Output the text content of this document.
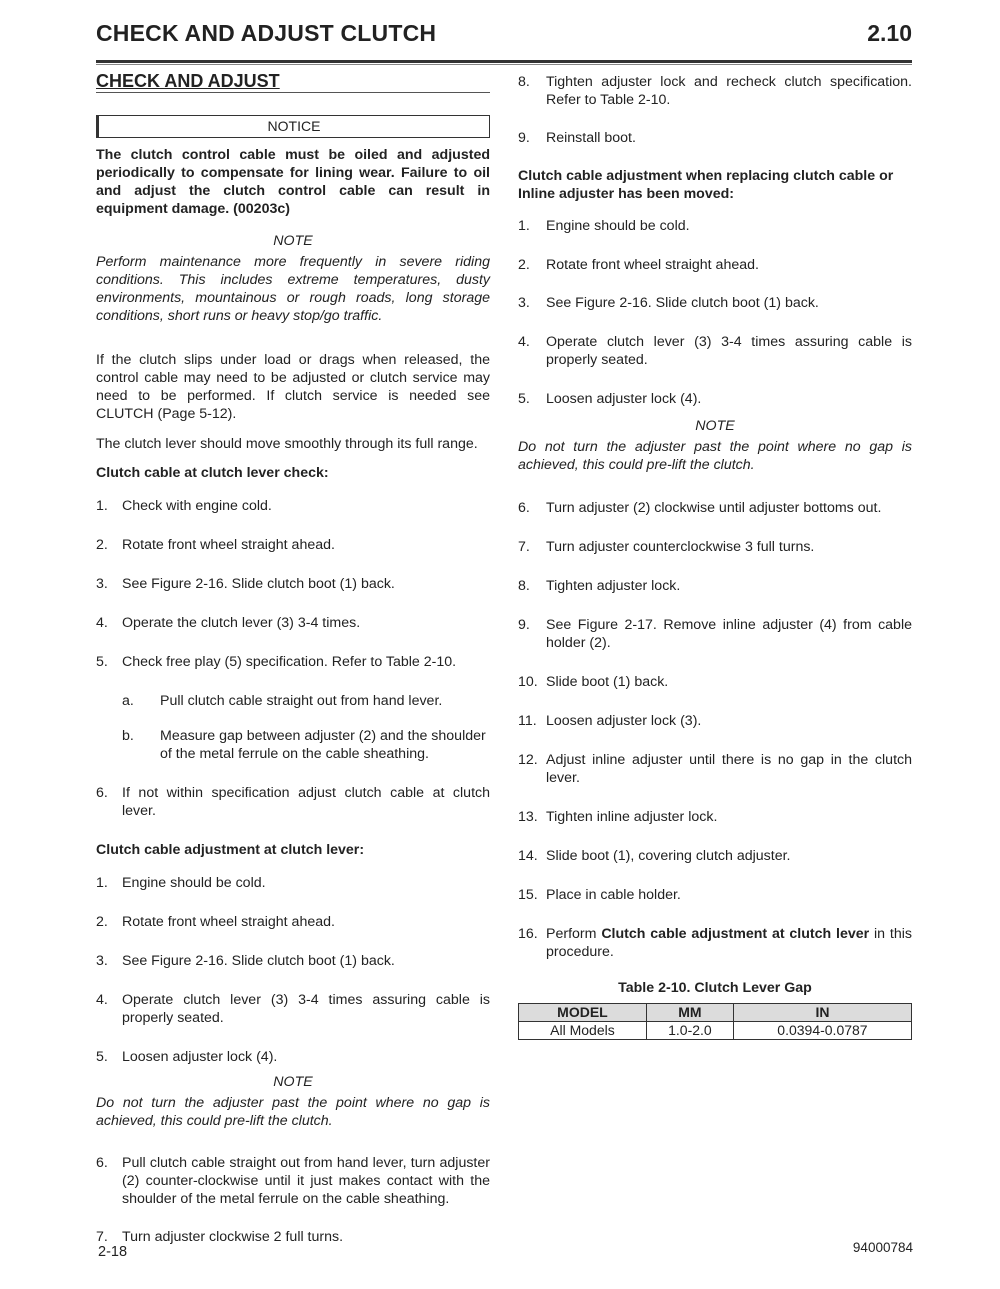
CHECK AND ADJUST CLUTCH	2.10
CHECK AND ADJUST
NOTICE
The clutch control cable must be oiled and adjusted periodically to compensate for lining wear. Failure to oil and adjust the clutch control cable can result in equipment damage. (00203c)
NOTE
Perform maintenance more frequently in severe riding conditions. This includes extreme temperatures, dusty environments, mountainous or rough roads, long storage conditions, short runs or heavy stop/go traffic.
If the clutch slips under load or drags when released, the control cable may need to be adjusted or clutch service may need to be performed. If clutch service is needed see CLUTCH (Page 5-12).
The clutch lever should move smoothly through its full range.
Clutch cable at clutch lever check:
1. Check with engine cold.
2. Rotate front wheel straight ahead.
3. See Figure 2-16. Slide clutch boot (1) back.
4. Operate the clutch lever (3) 3-4 times.
5. Check free play (5) specification. Refer to Table 2-10.
a.	Pull clutch cable straight out from hand lever.
b.	Measure gap between adjuster (2) and the shoulder of the metal ferrule on the cable sheathing.
6. If not within specification adjust clutch cable at clutch lever.
Clutch cable adjustment at clutch lever:
1. Engine should be cold.
2. Rotate front wheel straight ahead.
3. See Figure 2-16. Slide clutch boot (1) back.
4. Operate clutch lever (3) 3-4 times assuring cable is properly seated.
5. Loosen adjuster lock (4).
NOTE
Do not turn the adjuster past the point where no gap is achieved, this could pre-lift the clutch.
6. Pull clutch cable straight out from hand lever, turn adjuster (2) counter-clockwise until it just makes contact with the shoulder of the metal ferrule on the cable sheathing.
7. Turn adjuster clockwise 2 full turns.
8.	Tighten adjuster lock and recheck clutch specification. Refer to Table 2-10.
9.	Reinstall boot.
Clutch cable adjustment when replacing clutch cable or Inline adjuster has been moved:
1.	Engine should be cold.
2.	Rotate front wheel straight ahead.
3.	See Figure 2-16. Slide clutch boot (1) back.
4.	Operate clutch lever (3) 3-4 times assuring cable is properly seated.
5.	Loosen adjuster lock (4).
NOTE
Do not turn the adjuster past the point where no gap is achieved, this could pre-lift the clutch.
6.	Turn adjuster (2) clockwise until adjuster bottoms out.
7.	Turn adjuster counterclockwise 3 full turns.
8.	Tighten adjuster lock.
9.	See Figure 2-17. Remove inline adjuster (4) from cable holder (2).
10. Slide boot (1) back.
11. Loosen adjuster lock (3).
12. Adjust inline adjuster until there is no gap in the clutch lever.
13. Tighten inline adjuster lock.
14. Slide boot (1), covering clutch adjuster.
15. Place in cable holder.
16. Perform Clutch cable adjustment at clutch lever in this procedure.
Table 2-10. Clutch Lever Gap
MODEL	MM	IN
All Models	1.0-2.0	0.0394-0.0787
2-18	94000784
